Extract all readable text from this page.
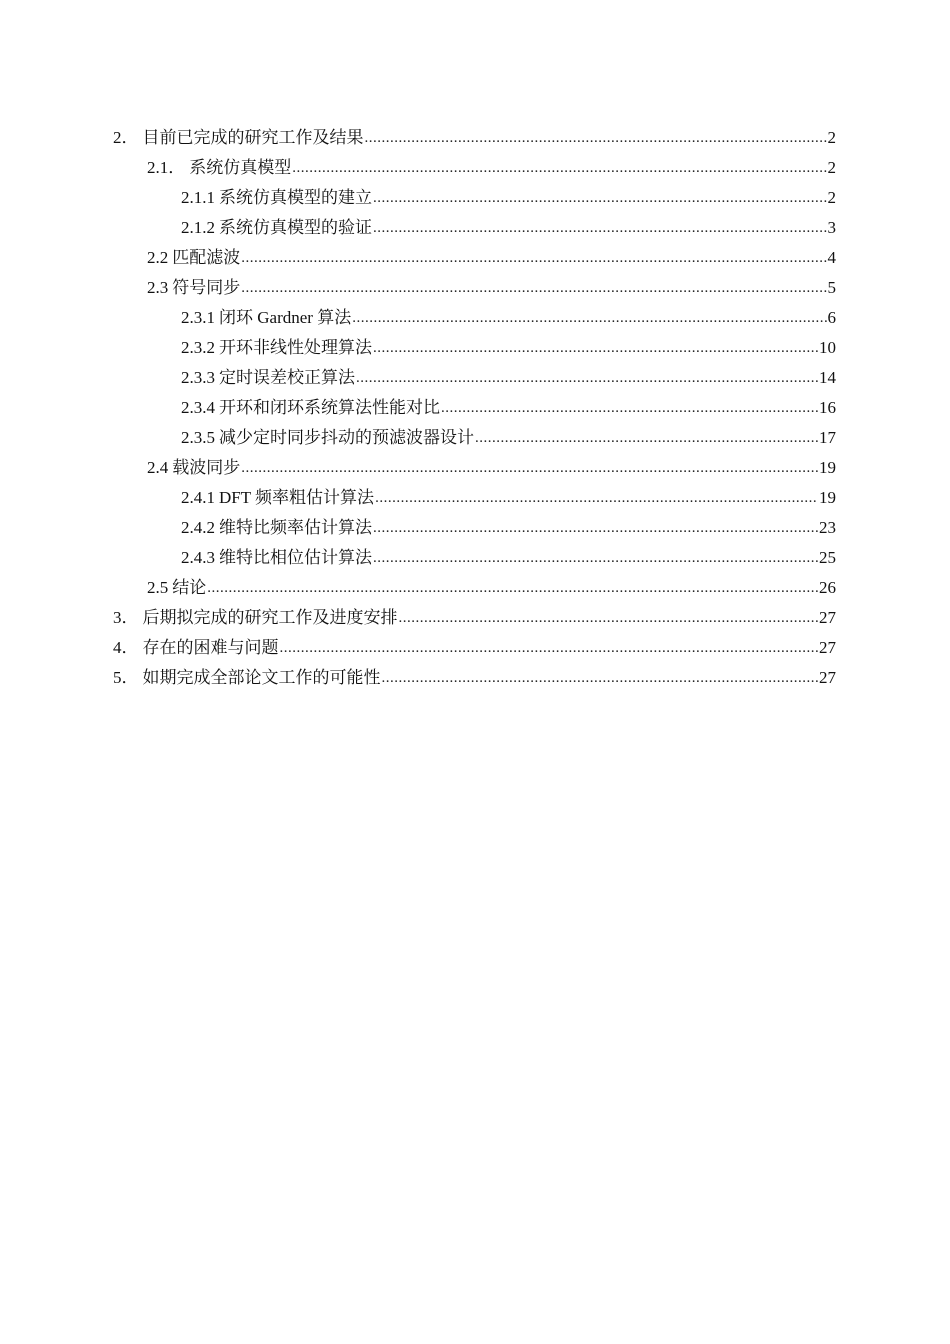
2． 目前已完成的研究工作及结果 .....	2
2.1． 系统仿真模型 .....	2
2.1.1 系统仿真模型的建立 .....	2
2.1.2 系统仿真模型的验证 .....	3
2.2 匹配滤波 .....	4
2.3 符号同步 .....	5
2.3.1 闭环 Gardner 算法 .....	6
2.3.2 开环非线性处理算法 .....	10
2.3.3 定时误差校正算法 .....	14
2.3.4 开环和闭环系统算法性能对比 .....	16
2.3.5 减少定时同步抖动的预滤波器设计 .....	17
2.4 载波同步 .....	19
2.4.1 DFT 频率粗估计算法 .....	19
2.4.2 维特比频率估计算法 .....	23
2.4.3 维特比相位估计算法 .....	25
2.5 结论 .....	26
3． 后期拟完成的研究工作及进度安排 .....	27
4． 存在的困难与问题 .....	27
5． 如期完成全部论文工作的可能性 .....	27
